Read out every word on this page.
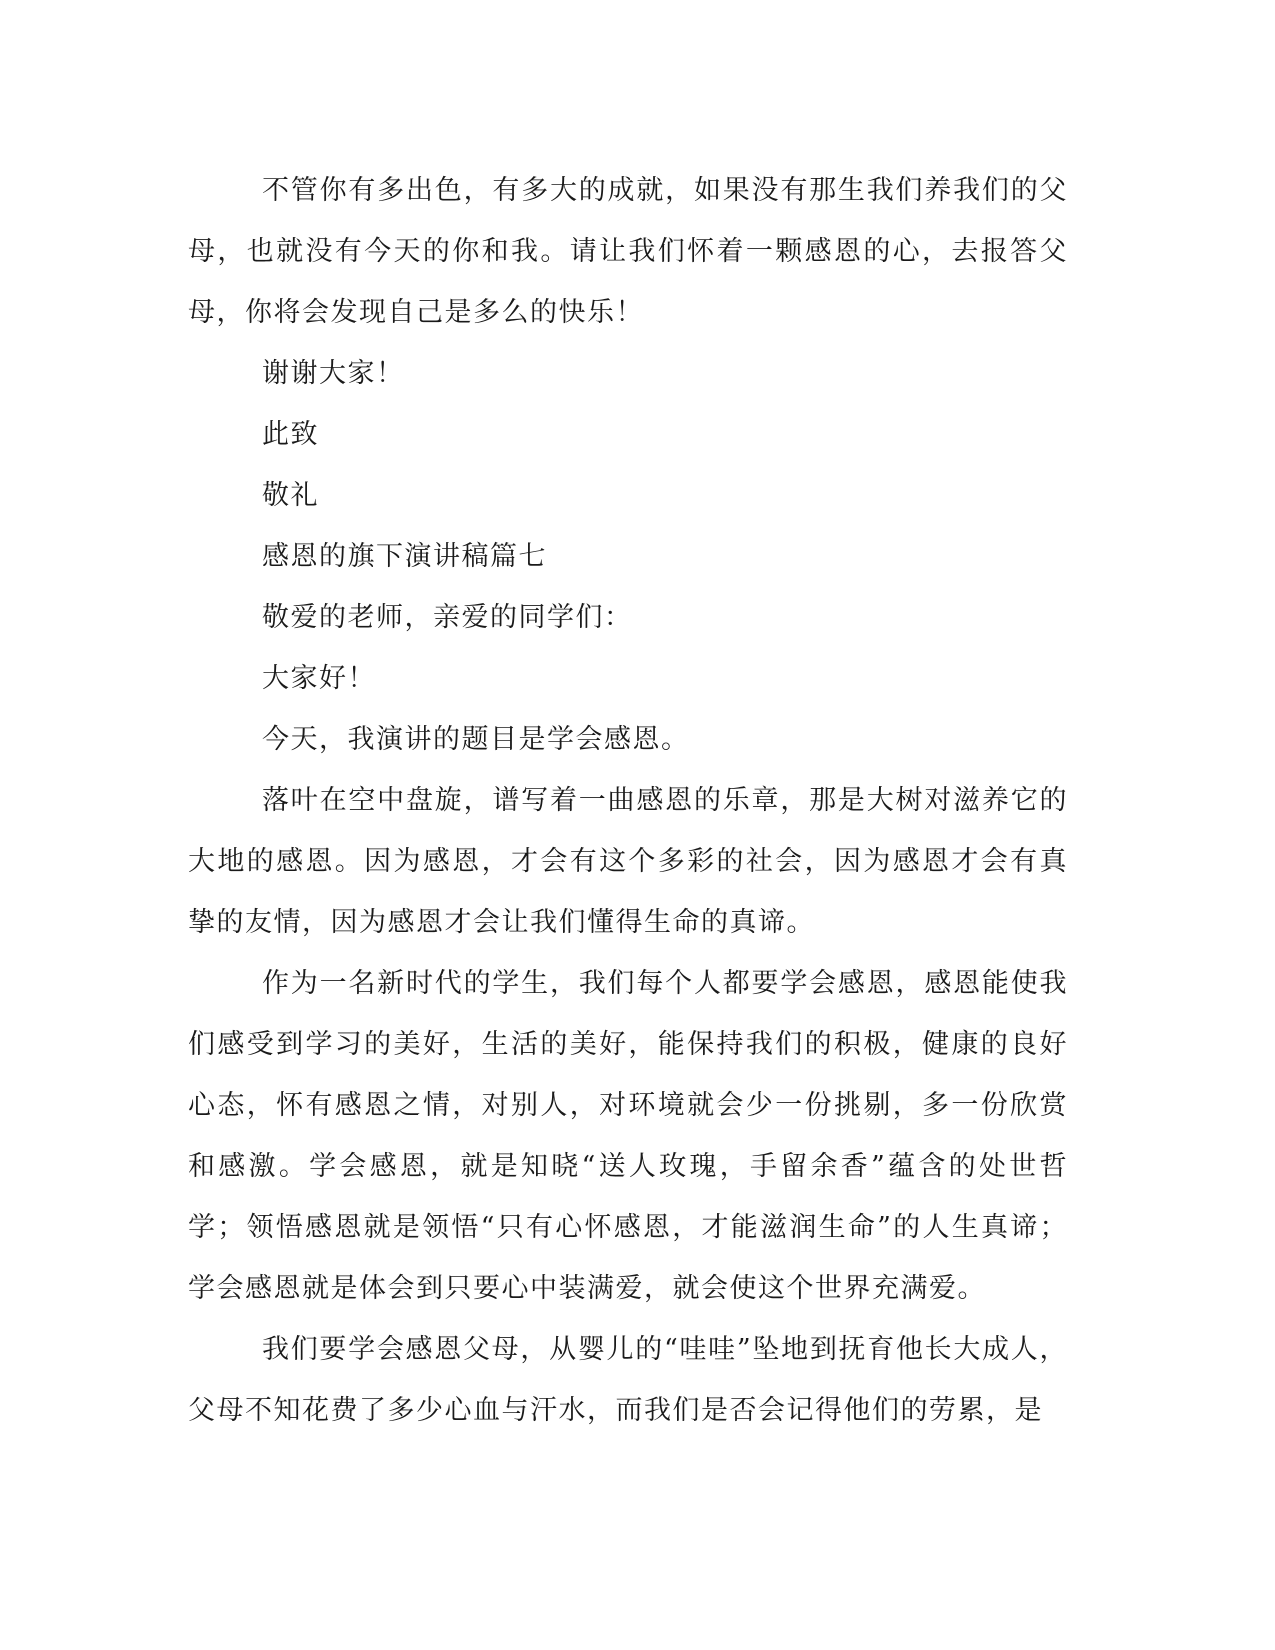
不管你有多出色，有多大的成就，如果没有那生我们养我们的父母，也就没有今天的你和我。请让我们怀着一颗感恩的心，去报答父母，你将会发现自己是多么的快乐！

谢谢大家！

此致

敬礼

感恩的旗下演讲稿篇七

敬爱的老师，亲爱的同学们：

大家好！

今天，我演讲的题目是学会感恩。

落叶在空中盘旋，谱写着一曲感恩的乐章，那是大树对滋养它的大地的感恩。因为感恩，才会有这个多彩的社会，因为感恩才会有真挚的友情，因为感恩才会让我们懂得生命的真谛。

作为一名新时代的学生，我们每个人都要学会感恩，感恩能使我们感受到学习的美好，生活的美好，能保持我们的积极，健康的良好心态，怀有感恩之情，对别人，对环境就会少一份挑剔，多一份欣赏和感激。学会感恩，就是知晓“送人玫瑰，手留余香”蕴含的处世哲学；领悟感恩就是领悟“只有心怀感恩，才能滋润生命”的人生真谛；学会感恩就是体会到只要心中装满爱，就会使这个世界充满爱。

我们要学会感恩父母，从婴儿的“哇哇”坠地到抚育他长大成人，父母不知花费了多少心血与汗水，而我们是否会记得他们的劳累，是
